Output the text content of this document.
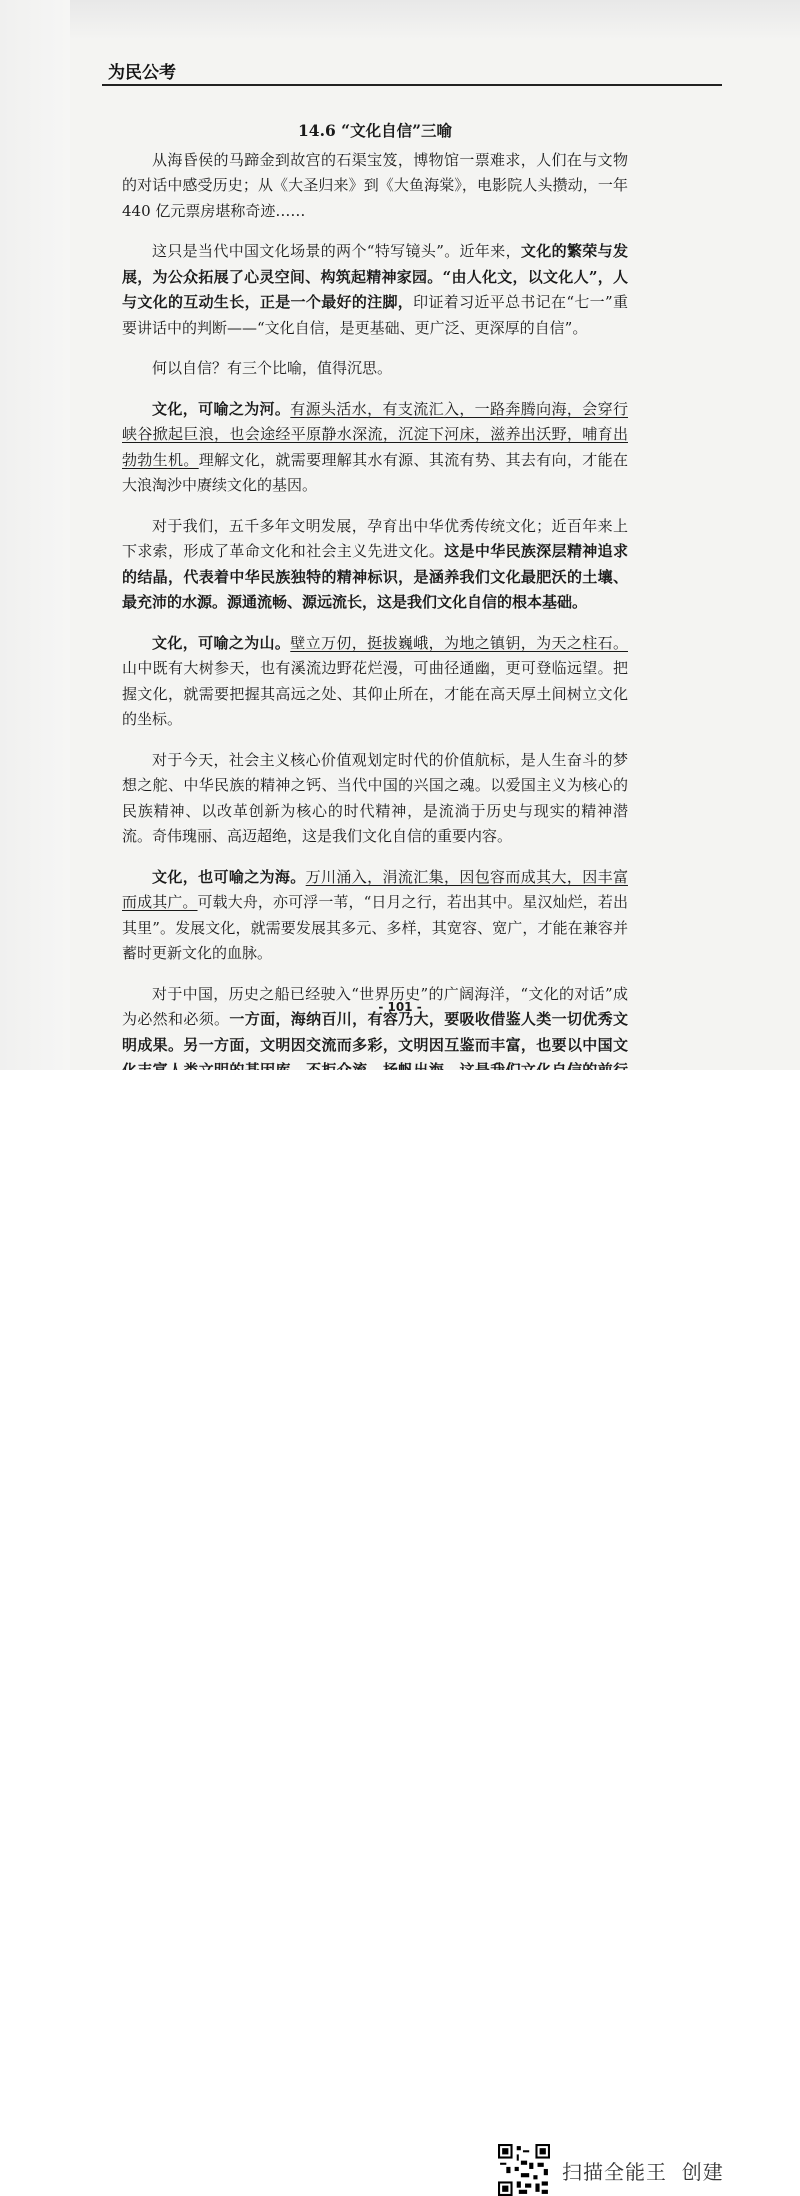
为民公考
14.6 “文化自信”三喻

从海昏侯的马蹄金到故宫的石渠宝笈，博物馆一票难求，人们在与文物的对话中感受历史；从《大圣归来》到《大鱼海棠》，电影院人头攒动，一年 440 亿元票房堪称奇迹……

这只是当代中国文化场景的两个“特写镜头”。近年来，文化的繁荣与发展，为公众拓展了心灵空间、构筑起精神家园。“由人化文，以文化人”，人与文化的互动生长，正是一个最好的注脚，印证着习近平总书记在“七一”重要讲话中的判断——“文化自信，是更基础、更广泛、更深厚的自信”。

何以自信？有三个比喻，值得沉思。

文化，可喻之为河。有源头活水，有支流汇入，一路奔腾向海，会穿行峡谷掀起巨浪，也会途经平原静水深流，沉淀下河床，滋养出沃野，哺育出勃勃生机。理解文化，就需要理解其水有源、其流有势、其去有向，才能在大浪淘沙中赓续文化的基因。

对于我们，五千多年文明发展，孕育出中华优秀传统文化；近百年来上下求索，形成了革命文化和社会主义先进文化。这是中华民族深层精神追求的结晶，代表着中华民族独特的精神标识，是涵养我们文化最肥沃的土壤、最充沛的水源。源通流畅、源远流长，这是我们文化自信的根本基础。

文化，可喻之为山。壁立万仞，挺拔巍峨，为地之镇钥，为天之柱石。山中既有大树参天，也有溪流边野花烂漫，可曲径通幽，更可登临远望。把握文化，就需要把握其高远之处、其仰止所在，才能在高天厚土间树立文化的坐标。

对于今天，社会主义核心价值观划定时代的价值航标，是人生奋斗的梦想之舵、中华民族的精神之钙、当代中国的兴国之魂。以爱国主义为核心的民族精神、以改革创新为核心的时代精神，是流淌于历史与现实的精神潜流。奇伟瑰丽、高迈超绝，这是我们文化自信的重要内容。

文化，也可喻之为海。万川涌入，涓流汇集，因包容而成其大，因丰富而成其广。可载大舟，亦可浮一苇，“日月之行，若出其中。星汉灿烂，若出其里”。发展文化，就需要发展其多元、多样，其宽容、宽广，才能在兼容并蓄时更新文化的血脉。

对于中国，历史之船已经驶入“世界历史”的广阔海洋，“文化的对话”成为必然和必须。一方面，海纳百川，有容乃大，要吸收借鉴人类一切优秀文明成果。另一方面，文明因交流而多彩，文明因互鉴而丰富，也要以中国文

- 101 -
扫描全能王  创建
